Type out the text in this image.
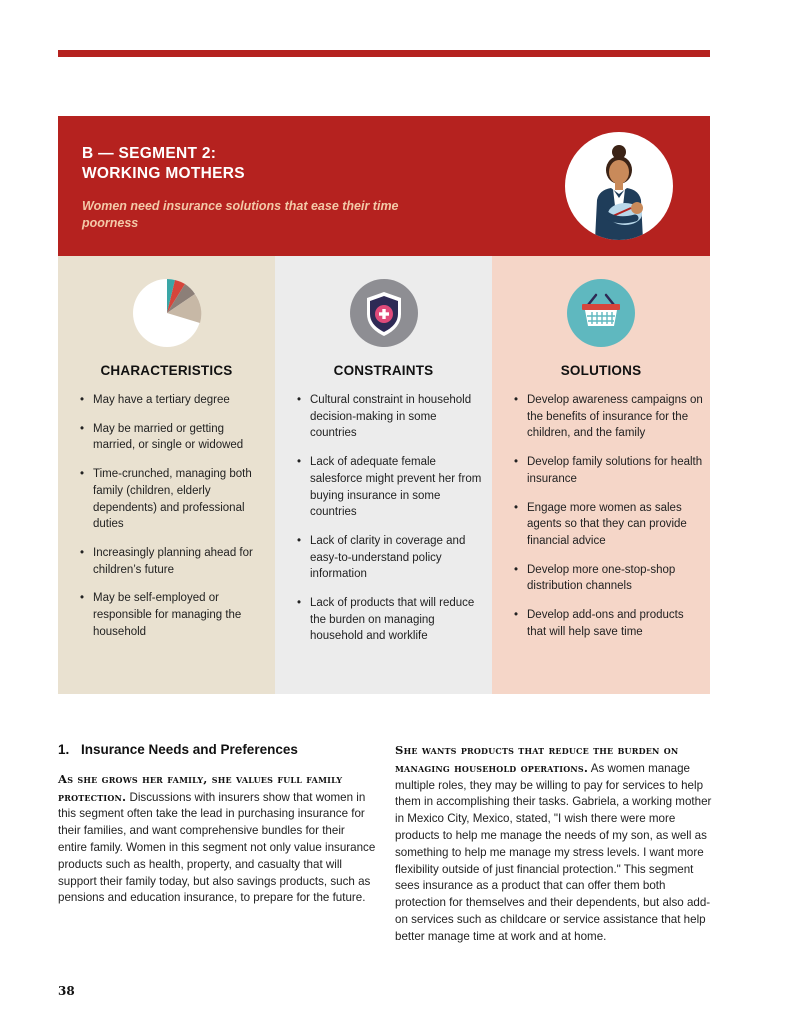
B — SEGMENT 2:
WORKING MOTHERS
Women need insurance solutions that ease their time poorness
CHARACTERISTICS
• May have a tertiary degree
• May be married or getting married, or single or widowed
• Time-crunched, managing both family (children, elderly dependents) and professional duties
• Increasingly planning ahead for children’s future
• May be self-employed or responsible for managing the household
CONSTRAINTS
• Cultural constraint in household decision-making in some countries
• Lack of adequate female salesforce might prevent her from buying insurance in some countries
• Lack of clarity in coverage and easy-to-understand policy information
• Lack of products that will reduce the burden on managing household and worklife
SOLUTIONS
• Develop awareness campaigns on the benefits of insurance for the children, and the family
• Develop family solutions for health insurance
• Engage more women as sales agents so that they can provide financial advice
• Develop more one-stop-shop distribution channels
• Develop add-ons and products that will help save time
1. Insurance Needs and Preferences

As she grows her family, she values full family protection. Discussions with insurers show that women in this segment often take the lead in purchasing insurance for their families, and want comprehensive bundles for their entire family. Women in this segment not only value insurance products such as health, property, and casualty that will support their family today, but also savings products, such as pensions and education insurance, to prepare for the future.

She wants products that reduce the burden on managing household operations. As women manage multiple roles, they may be willing to pay for services to help them in accomplishing their tasks. Gabriela, a working mother in Mexico City, Mexico, stated, "I wish there were more products to help me manage the needs of my son, as well as something to help me manage my stress levels. I want more flexibility outside of just financial protection." This segment sees insurance as a product that can offer them both protection for themselves and their dependents, but also add-on services such as childcare or service assistance that help better manage time at work and at home.

38
